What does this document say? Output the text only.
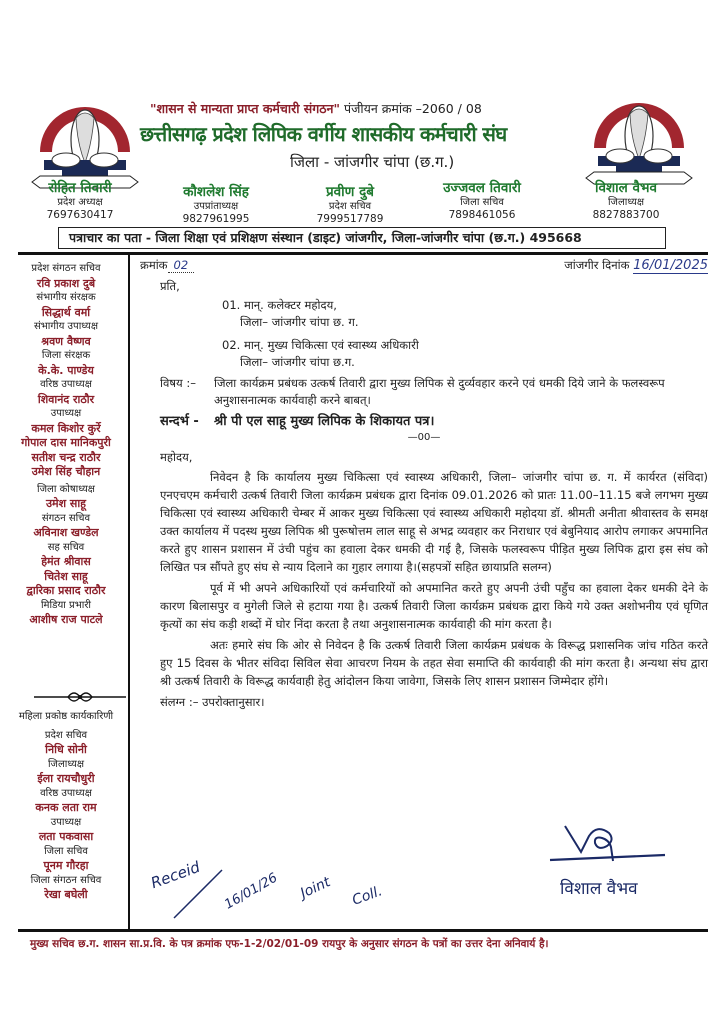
"शासन से मान्यता प्राप्त कर्मचारी संगठन" पंजीयन क्रमांक –2060 / 08
छत्तीसगढ़ प्रदेश लिपिक वर्गीय शासकीय कर्मचारी संघ
जिला - जांजगीर चांपा (छ.ग.)
रोहित तिवारी
प्रदेश अध्यक्ष
7697630417
कौशलेश सिंह
उपप्रांताध्यक्ष
9827961995
प्रवीण दुबे
प्रदेश सचिव
7999517789
उज्जवल तिवारी
जिला सचिव
7898461056
विशाल वैभव
जिलाध्यक्ष
8827883700
पत्राचार का पता - जिला शिक्षा एवं प्रशिक्षण संस्थान (डाइट) जांजगीर, जिला-जांजगीर चांपा (छ.ग.) 495668
प्रदेश संगठन सचिव
रवि प्रकाश दुबे
संभागीय संरक्षक
सिद्धार्थ वर्मा
संभागीय उपाध्यक्ष
श्रवण वैष्णव
जिला संरक्षक
के.के. पाण्डेय
वरिष्ठ उपाध्यक्ष
शिवानंद राठौर
उपाध्यक्ष
कमल किशोर कुर्रे
गोपाल दास मानिकपुरी
सतीश चन्द्र राठौर
उमेश सिंह चौहान
जिला कोषाध्यक्ष
उमेश साहू
संगठन सचिव
अविनाश खण्डेल
सह सचिव
हेमंत श्रीवास
चितेश साहू
द्वारिका प्रसाद राठौर
मिडिया प्रभारी
आशीष राज पाटले
महिला प्रकोष्ठ कार्यकारिणी
प्रदेश सचिव
निधि सोनी
जिलाध्यक्ष
ईला रायचौधुरी
वरिष्ठ उपाध्यक्ष
कनक लता राम
उपाध्यक्ष
लता पकवासा
जिला सचिव
पूनम गौरहा
जिला संगठन सचिव
रेखा बघेली
क्रमांक 02	जांजगीर दिनांक 16/01/2025
प्रति,
01. मान्. कलेक्टर महोदय,
जिला– जांजगीर चांपा छ. ग.
02. मान्. मुख्य चिकित्सा एवं स्वास्थ्य अधिकारी
जिला– जांजगीर चांपा छ.ग.
विषय :–	जिला कार्यक्रम प्रबंधक उत्कर्ष तिवारी द्वारा मुख्य लिपिक से दुर्व्यवहार करने एवं धमकी दिये जाने के फलस्वरूप अनुशासनात्मक कार्यवाही करने बाबत्।
सन्दर्भ -	श्री पी एल साहू मुख्य लिपिक के शिकायत पत्र।
—00—
महोदय,
निवेदन है कि कार्यालय मुख्य चिकित्सा एवं स्वास्थ्य अधिकारी, जिला– जांजगीर चांपा छ. ग. में कार्यरत (संविदा) एनएचएम कर्मचारी उत्कर्ष तिवारी जिला कार्यक्रम प्रबंधक द्वारा दिनांक 09.01.2026 को प्रातः 11.00–11.15 बजे लगभग मुख्य चिकित्सा एवं स्वास्थ्य अधिकारी चेम्बर में आकर मुख्य चिकित्सा एवं स्वास्थ्य अधिकारी महोदया डॉ. श्रीमती अनीता श्रीवास्तव के समक्ष उक्त कार्यालय में पदस्थ मुख्य लिपिक श्री पुरूषोत्तम लाल साहू से अभद्र व्यवहार कर निराधार एवं बेबुनियाद आरोप लगाकर अपमानित करते हुए शासन प्रशासन में उंची पहुंच का हवाला देकर धमकी दी गई है, जिसके फलस्वरूप पीड़ित मुख्य लिपिक द्वारा इस संघ को लिखित पत्र सौंपते हुए संघ से न्याय दिलाने का गुहार लगाया है।(सहपत्रों सहित छायाप्रति सलग्न)
पूर्व में भी अपने अधिकारियों एवं कर्मचारियों को अपमानित करते हुए अपनी उंची पहुँच का हवाला देकर धमकी देने के कारण बिलासपुर व मुगेली जिले से हटाया गया है। उत्कर्ष तिवारी जिला कार्यक्रम प्रबंधक द्वारा किये गये उक्त अशोभनीय एवं घृणित कृत्यों का संघ कड़ी शब्दों में घोर निंदा करता है तथा अनुशासनात्मक कार्यवाही की मांग करता है।
अतः हमारे संघ कि ओर से निवेदन है कि उत्कर्ष तिवारी जिला कार्यक्रम प्रबंधक के विरूद्ध प्रशासनिक जांच गठित करते हुए 15 दिवस के भीतर संविदा सिविल सेवा आचरण नियम के तहत सेवा समाप्ति की कार्यवाही की मांग करता है। अन्यथा संघ द्वारा श्री उत्कर्ष तिवारी के विरूद्ध कार्यवाही हेतु आंदोलन किया जावेगा, जिसके लिए शासन प्रशासन जिम्मेदार होंगे।
संलग्न :– उपरोक्तानुसार।
विशाल वैभव
Receid 16/01/26 Joint Coll.
मुख्य सचिव छ.ग. शासन सा.प्र.वि. के पत्र क्रमांक एफ-1-2/02/01-09 रायपुर के अनुसार संगठन के पत्रों का उत्तर देना अनिवार्य है।
